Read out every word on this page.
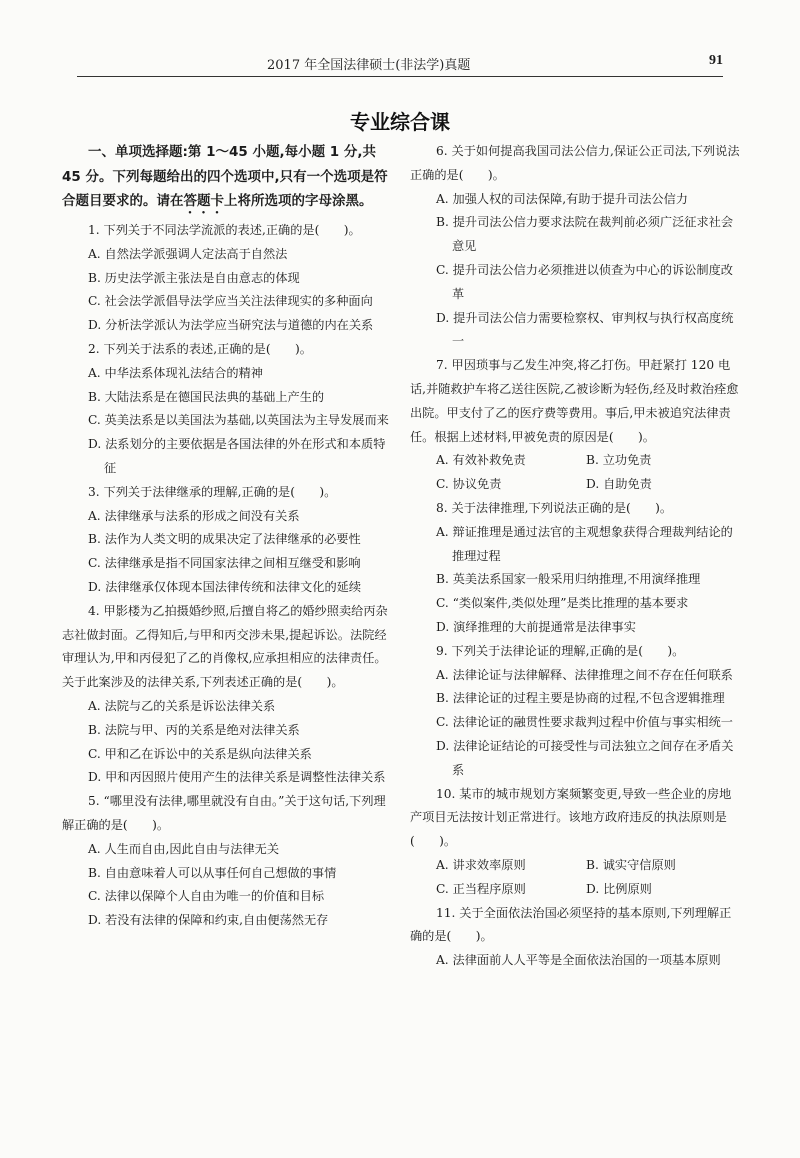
2017 年全国法律硕士(非法学)真题	91
专业综合课

一、单项选择题:第 1～45 小题,每小题 1 分,共 45 分。下列每题给出的四个选项中,只有一个选项是符合题目要求的。请在答题卡上将所选项的字母涂黑。

1. 下列关于不同法学流派的表述,正确的是(　　)。

A. 自然法学派强调人定法高于自然法

B. 历史法学派主张法是自由意志的体现

C. 社会法学派倡导法学应当关注法律现实的多种面向

D. 分析法学派认为法学应当研究法与道德的内在关系

2. 下列关于法系的表述,正确的是(　　)。

A. 中华法系体现礼法结合的精神

B. 大陆法系是在德国民法典的基础上产生的

C. 英美法系是以美国法为基础,以英国法为主导发展而来

D. 法系划分的主要依据是各国法律的外在形式和本质特征

3. 下列关于法律继承的理解,正确的是(　　)。

A. 法律继承与法系的形成之间没有关系

B. 法作为人类文明的成果决定了法律继承的必要性

C. 法律继承是指不同国家法律之间相互继受和影响

D. 法律继承仅体现本国法律传统和法律文化的延续

4. 甲影楼为乙拍摄婚纱照,后擅自将乙的婚纱照卖给丙杂志社做封面。乙得知后,与甲和丙交涉未果,提起诉讼。法院经审理认为,甲和丙侵犯了乙的肖像权,应承担相应的法律责任。关于此案涉及的法律关系,下列表述正确的是(　　)。

A. 法院与乙的关系是诉讼法律关系

B. 法院与甲、丙的关系是绝对法律关系

C. 甲和乙在诉讼中的关系是纵向法律关系

D. 甲和丙因照片使用产生的法律关系是调整性法律关系

5. “哪里没有法律,哪里就没有自由。”关于这句话,下列理解正确的是(　　)。

A. 人生而自由,因此自由与法律无关

B. 自由意味着人可以从事任何自己想做的事情

C. 法律以保障个人自由为唯一的价值和目标

D. 若没有法律的保障和约束,自由便荡然无存

6. 关于如何提高我国司法公信力,保证公正司法,下列说法正确的是(　　)。

A. 加强人权的司法保障,有助于提升司法公信力

B. 提升司法公信力要求法院在裁判前必须广泛征求社会意见

C. 提升司法公信力必须推进以侦查为中心的诉讼制度改革

D. 提升司法公信力需要检察权、审判权与执行权高度统一

7. 甲因琐事与乙发生冲突,将乙打伤。甲赶紧打 120 电话,并随救护车将乙送往医院,乙被诊断为轻伤,经及时救治痊愈出院。甲支付了乙的医疗费等费用。事后,甲未被追究法律责任。根据上述材料,甲被免责的原因是(　　)。

A. 有效补救免责	B. 立功免责
C. 协议免责	D. 自助免责

8. 关于法律推理,下列说法正确的是(　　)。

A. 辩证推理是通过法官的主观想象获得合理裁判结论的推理过程

B. 英美法系国家一般采用归纳推理,不用演绎推理

C. “类似案件,类似处理”是类比推理的基本要求

D. 演绎推理的大前提通常是法律事实

9. 下列关于法律论证的理解,正确的是(　　)。

A. 法律论证与法律解释、法律推理之间不存在任何联系

B. 法律论证的过程主要是协商的过程,不包含逻辑推理

C. 法律论证的融贯性要求裁判过程中价值与事实相统一

D. 法律论证结论的可接受性与司法独立之间存在矛盾关系

10. 某市的城市规划方案频繁变更,导致一些企业的房地产项目无法按计划正常进行。该地方政府违反的执法原则是(　　)。

A. 讲求效率原则	B. 诚实守信原则
C. 正当程序原则	D. 比例原则

11. 关于全面依法治国必须坚持的基本原则,下列理解正确的是(　　)。

A. 法律面前人人平等是全面依法治国的一项基本原则
